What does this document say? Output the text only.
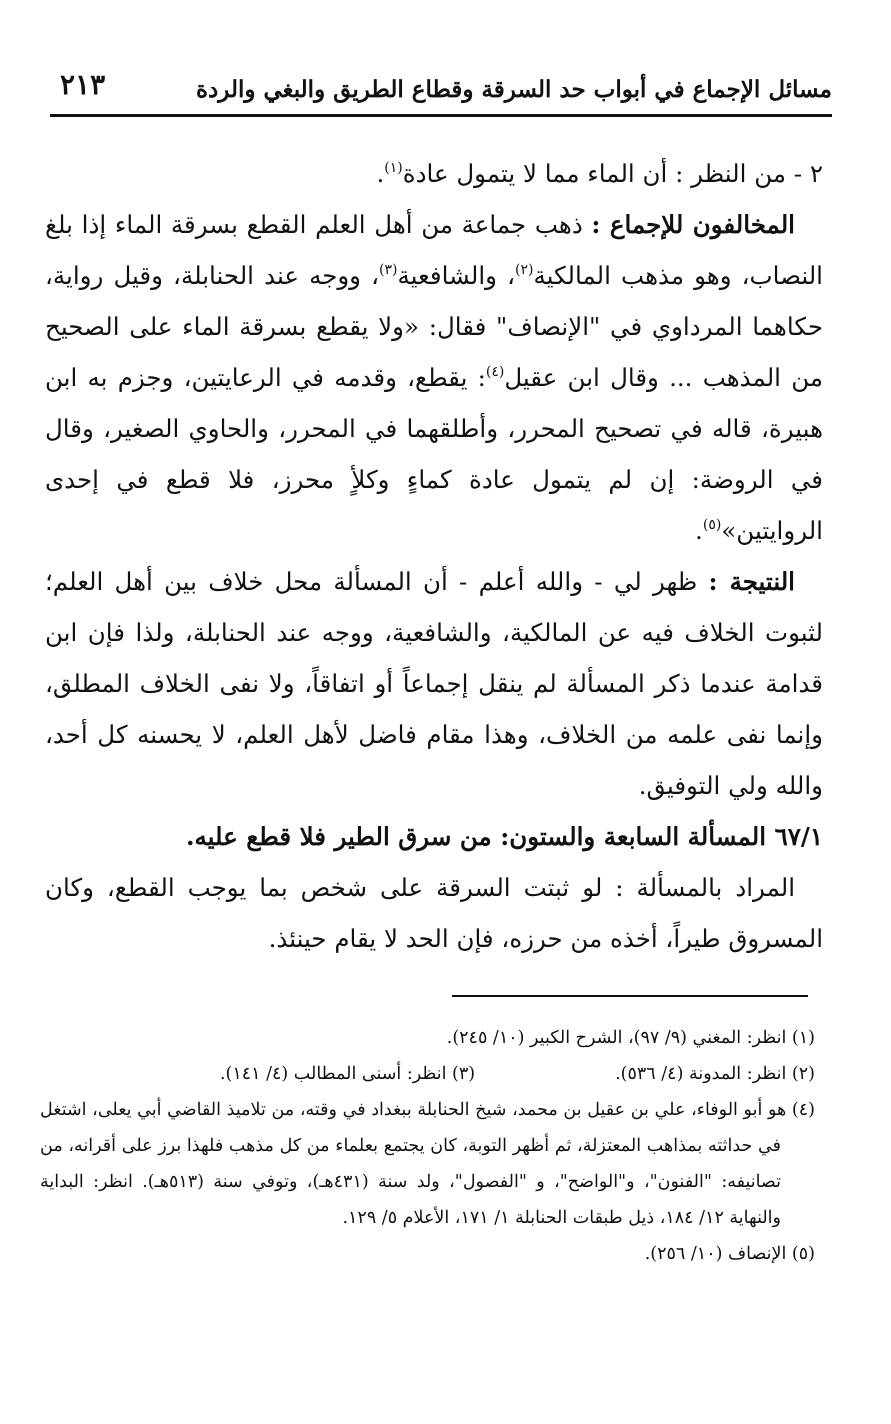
٢١٣	مسائل الإجماع في أبواب حد السرقة وقطاع الطريق والبغي والردة

٢ - من النظر : أن الماء مما لا يتمول عادة$^{(١)}$.

المخالفون للإجماع : ذهب جماعة من أهل العلم القطع بسرقة الماء إذا بلغ النصاب، وهو مذهب المالكية$^{(٢)}$، والشافعية$^{(٣)}$، ووجه عند الحنابلة، وقيل رواية، حكاهما المرداوي في "الإنصاف" فقال: «ولا يقطع بسرقة الماء على الصحيح من المذهب ... وقال ابن عقيل$^{(٤)}$: يقطع، وقدمه في الرعايتين، وجزم به ابن هبيرة، قاله في تصحيح المحرر، وأطلقهما في المحرر، والحاوي الصغير، وقال في الروضة: إن لم يتمول عادة كماءٍ وكلأٍ محرز، فلا قطع في إحدى الروايتين»$^{(٥)}$.

النتيجة : ظهر لي - والله أعلم - أن المسألة محل خلاف بين أهل العلم؛ لثبوت الخلاف فيه عن المالكية، والشافعية، ووجه عند الحنابلة، ولذا فإن ابن قدامة عندما ذكر المسألة لم ينقل إجماعاً أو اتفاقاً، ولا نفى الخلاف المطلق، وإنما نفى علمه من الخلاف، وهذا مقام فاضل لأهل العلم، لا يحسنه كل أحد، والله ولي التوفيق.

٦٧/١ المسألة السابعة والستون: من سرق الطير فلا قطع عليه.

المراد بالمسألة : لو ثبتت السرقة على شخص بما يوجب القطع، وكان المسروق طيراً، أخذه من حرزه، فإن الحد لا يقام حينئذ.

(١) انظر: المغني (٩/ ٩٧)، الشرح الكبير (١٠/ ٢٤٥).

(٢) انظر: المدونة (٤/ ٥٣٦).
(٣) انظر: أسنى المطالب (٤/ ١٤١).

(٤) هو أبو الوفاء، علي بن عقيل بن محمد، شيخ الحنابلة ببغداد في وقته، من تلاميذ القاضي أبي يعلى، اشتغل في حداثته بمذاهب المعتزلة، ثم أظهر التوبة، كان يجتمع بعلماء من كل مذهب فلهذا برز على أقرانه، من تصانيفه: "الفنون"، و"الواضح"، و "الفصول"، ولد سنة (٤٣١هـ)، وتوفي سنة (٥١٣هـ). انظر: البداية والنهاية ١٢/ ١٨٤، ذيل طبقات الحنابلة ١/ ١٧١، الأعلام ٥/ ١٢٩.

(٥) الإنصاف (١٠/ ٢٥٦).
